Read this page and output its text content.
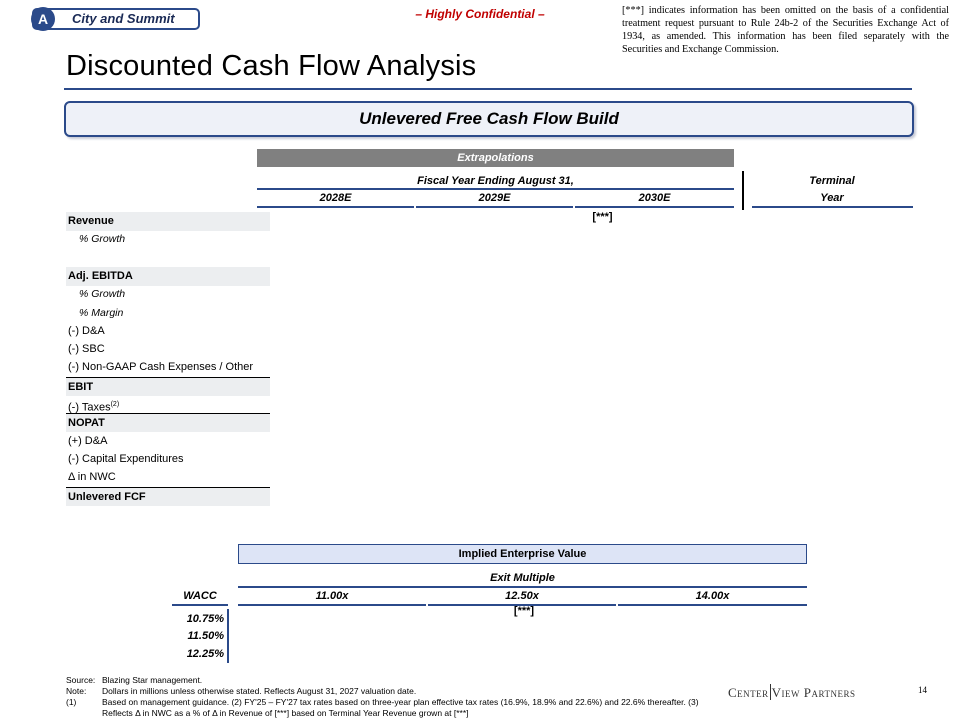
A	City and Summit	– Highly Confidential –	[***] indicates information has been omitted on the basis of a confidential treatment request pursuant to Rule 24b-2 of the Securities Exchange Act of 1934, as amended. This information has been filed separately with the Securities and Exchange Commission.
Discounted Cash Flow Analysis
Unlevered Free Cash Flow Build
Extrapolations
Fiscal Year Ending August 31,
2028E	2029E	2030E
Terminal
Year
[***]
Revenue
% Growth
Adj. EBITDA
% Growth
% Margin
(-) D&A
(-) SBC
(-) Non-GAAP Cash Expenses / Other
EBIT
(-) Taxes$^{(2)}$
NOPAT
(+) D&A
(-) Capital Expenditures
Δ in NWC
Unlevered FCF
Implied Enterprise Value
Exit Multiple
WACC	11.00x	12.50x	14.00x
[***]
10.75%
11.50%
12.25%
Source: Blazing Star management.
Note: Dollars in millions unless otherwise stated. Reflects August 31, 2027 valuation date.
(1)	Based on management guidance. (2) FY'25 – FY'27 tax rates based on three-year plan effective tax rates (16.9%, 18.9% and 22.6%) and 22.6% thereafter. (3)
Reflects Δ in NWC as a % of Δ in Revenue of [***] based on Terminal Year Revenue grown at [***]
Center View Partners	14
